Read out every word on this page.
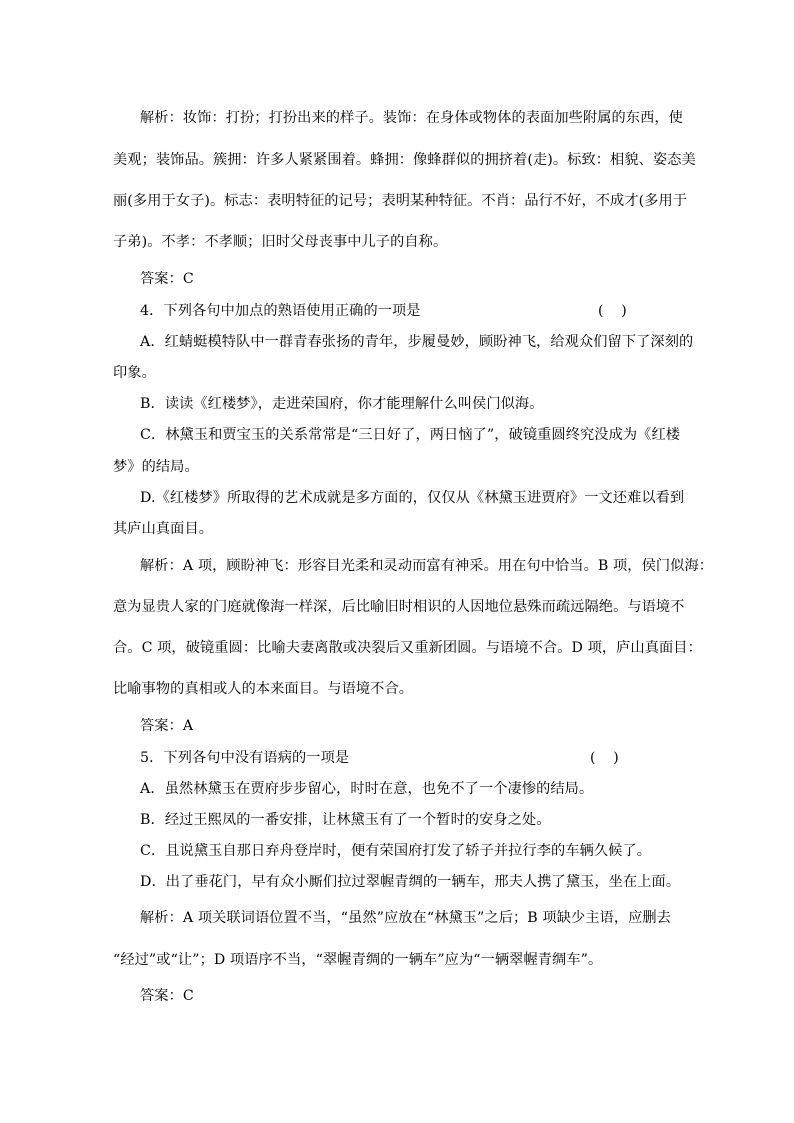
解析：妆饰：打扮；打扮出来的样子。装饰：在身体或物体的表面加些附属的东西，使
美观；装饰品。簇拥：许多人紧紧围着。蜂拥：像蜂群似的拥挤着(走)。标致：相貌、姿态美
丽(多用于女子)。标志：表明特征的记号；表明某种特征。不肖：品行不好，不成才(多用于
子弟)。不孝：不孝顺；旧时父母丧事中儿子的自称。
答案：C
4．下列各句中加点的熟语使用正确的一项是	(    )
A．红蜻蜓模特队中一群青春张扬的青年，步履曼妙，顾盼神飞，给观众们留下了深刻的
印象。
B．读读《红楼梦》，走进荣国府，你才能理解什么叫侯门似海。
C．林黛玉和贾宝玉的关系常常是“三日好了，两日恼了”，破镜重圆终究没成为《红楼
梦》的结局。
D.《红楼梦》所取得的艺术成就是多方面的，仅仅从《林黛玉进贾府》一文还难以看到
其庐山真面目。
解析：A 项，顾盼神飞：形容目光柔和灵动而富有神采。用在句中恰当。B 项，侯门似海：
意为显贵人家的门庭就像海一样深，后比喻旧时相识的人因地位悬殊而疏远隔绝。与语境不
合。C 项，破镜重圆：比喻夫妻离散或决裂后又重新团圆。与语境不合。D 项，庐山真面目：
比喻事物的真相或人的本来面目。与语境不合。
答案：A
5．下列各句中没有语病的一项是	(    )
A．虽然林黛玉在贾府步步留心，时时在意，也免不了一个凄惨的结局。
B．经过王熙凤的一番安排，让林黛玉有了一个暂时的安身之处。
C．且说黛玉自那日弃舟登岸时，便有荣国府打发了轿子并拉行李的车辆久候了。
D．出了垂花门，早有众小厮们拉过翠幄青绸的一辆车，邢夫人携了黛玉，坐在上面。
解析：A 项关联词语位置不当，“虽然”应放在“林黛玉”之后；B 项缺少主语，应删去
“经过”或“让”；D 项语序不当，“翠幄青绸的一辆车”应为“一辆翠幄青绸车”。
答案：C
